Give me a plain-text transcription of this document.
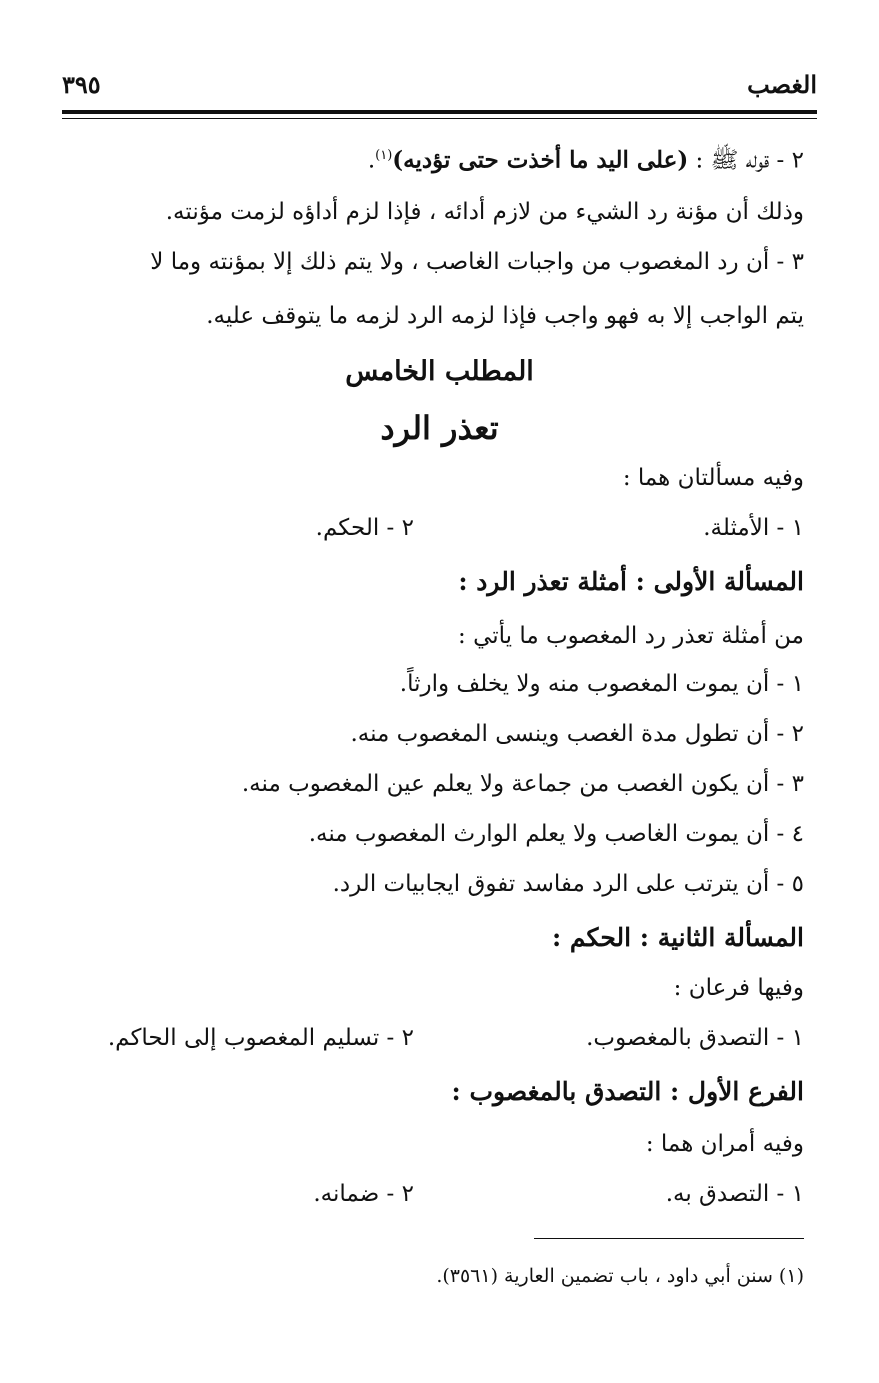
الغصب
٣٩٥
٢ - قوله ﷺ : (على اليد ما أخذت حتى تؤديه)$^{(١)}$.
وذلك أن مؤنة رد الشيء من لازم أدائه ، فإذا لزم أداؤه لزمت مؤنته.
٣ - أن رد المغصوب من واجبات الغاصب ، ولا يتم ذلك إلا بمؤنته وما لا
يتم الواجب إلا به فهو واجب فإذا لزمه الرد لزمه ما يتوقف عليه.
المطلب الخامس
تعذر الرد
وفيه مسألتان هما :
١ - الأمثلة.
٢ - الحكم.
المسألة الأولى : أمثلة تعذر الرد :
من أمثلة تعذر رد المغصوب ما يأتي :
١ - أن يموت المغصوب منه ولا يخلف وارثاً.
٢ - أن تطول مدة الغصب وينسى المغصوب منه.
٣ - أن يكون الغصب من جماعة ولا يعلم عين المغصوب منه.
٤ - أن يموت الغاصب ولا يعلم الوارث المغصوب منه.
٥ - أن يترتب على الرد مفاسد تفوق ايجابيات الرد.
المسألة الثانية : الحكم :
وفيها فرعان :
١ - التصدق بالمغصوب.
٢ - تسليم المغصوب إلى الحاكم.
الفرع الأول : التصدق بالمغصوب :
وفيه أمران هما :
١ - التصدق به.
٢ - ضمانه.
(١) سنن أبي داود ، باب تضمين العارية (٣٥٦١).
